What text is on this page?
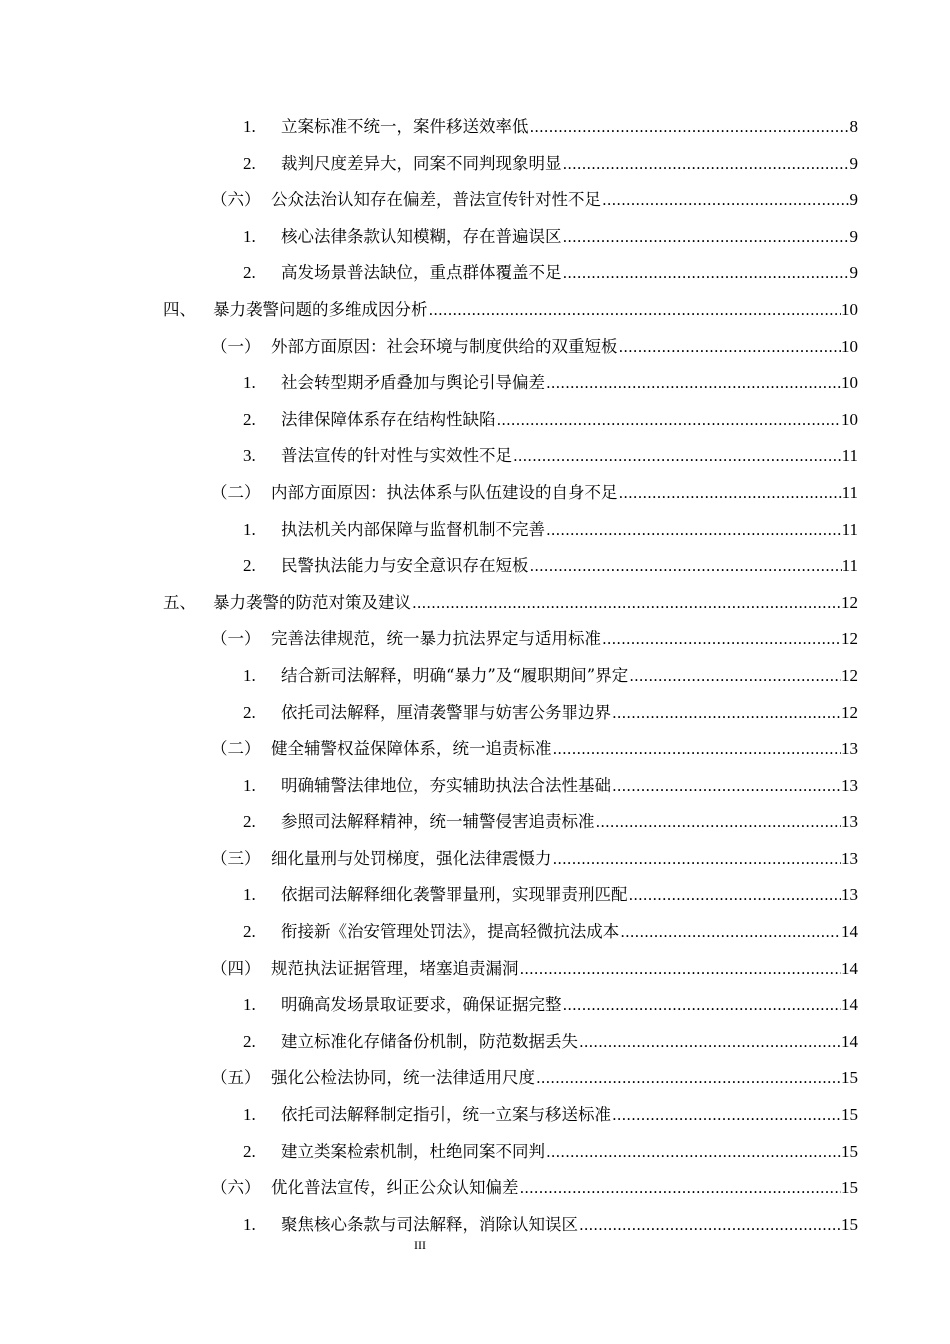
1. 立案标准不统一，案件移送效率低 .....	8
2. 裁判尺度差异大，同案不同判现象明显 .....	9
（六） 公众法治认知存在偏差，普法宣传针对性不足 .....	9
1. 核心法律条款认知模糊，存在普遍误区 .....	9
2. 高发场景普法缺位，重点群体覆盖不足 .....	9
四、 暴力袭警问题的多维成因分析 .....	10
（一） 外部方面原因：社会环境与制度供给的双重短板 .....	10
1. 社会转型期矛盾叠加与舆论引导偏差 .....	10
2. 法律保障体系存在结构性缺陷 .....	10
3. 普法宣传的针对性与实效性不足 .....	11
（二） 内部方面原因：执法体系与队伍建设的自身不足 .....	11
1. 执法机关内部保障与监督机制不完善 .....	11
2. 民警执法能力与安全意识存在短板 .....	11
五、 暴力袭警的防范对策及建议 .....	12
（一） 完善法律规范，统一暴力抗法界定与适用标准 .....	12
1. 结合新司法解释，明确“暴力”及“履职期间”界定 .....	12
2. 依托司法解释，厘清袭警罪与妨害公务罪边界 .....	12
（二） 健全辅警权益保障体系，统一追责标准 .....	13
1. 明确辅警法律地位，夯实辅助执法合法性基础 .....	13
2. 参照司法解释精神，统一辅警侵害追责标准 .....	13
（三） 细化量刑与处罚梯度，强化法律震慑力 .....	13
1. 依据司法解释细化袭警罪量刑，实现罪责刑匹配 .....	13
2. 衔接新《治安管理处罚法》，提高轻微抗法成本 .....	14
（四） 规范执法证据管理，堵塞追责漏洞 .....	14
1. 明确高发场景取证要求，确保证据完整 .....	14
2. 建立标准化存储备份机制，防范数据丢失 .....	14
（五） 强化公检法协同，统一法律适用尺度 .....	15
1. 依托司法解释制定指引，统一立案与移送标准 .....	15
2. 建立类案检索机制，杜绝同案不同判 .....	15
（六） 优化普法宣传，纠正公众认知偏差 .....	15
1. 聚焦核心条款与司法解释，消除认知误区 .....	15
III
